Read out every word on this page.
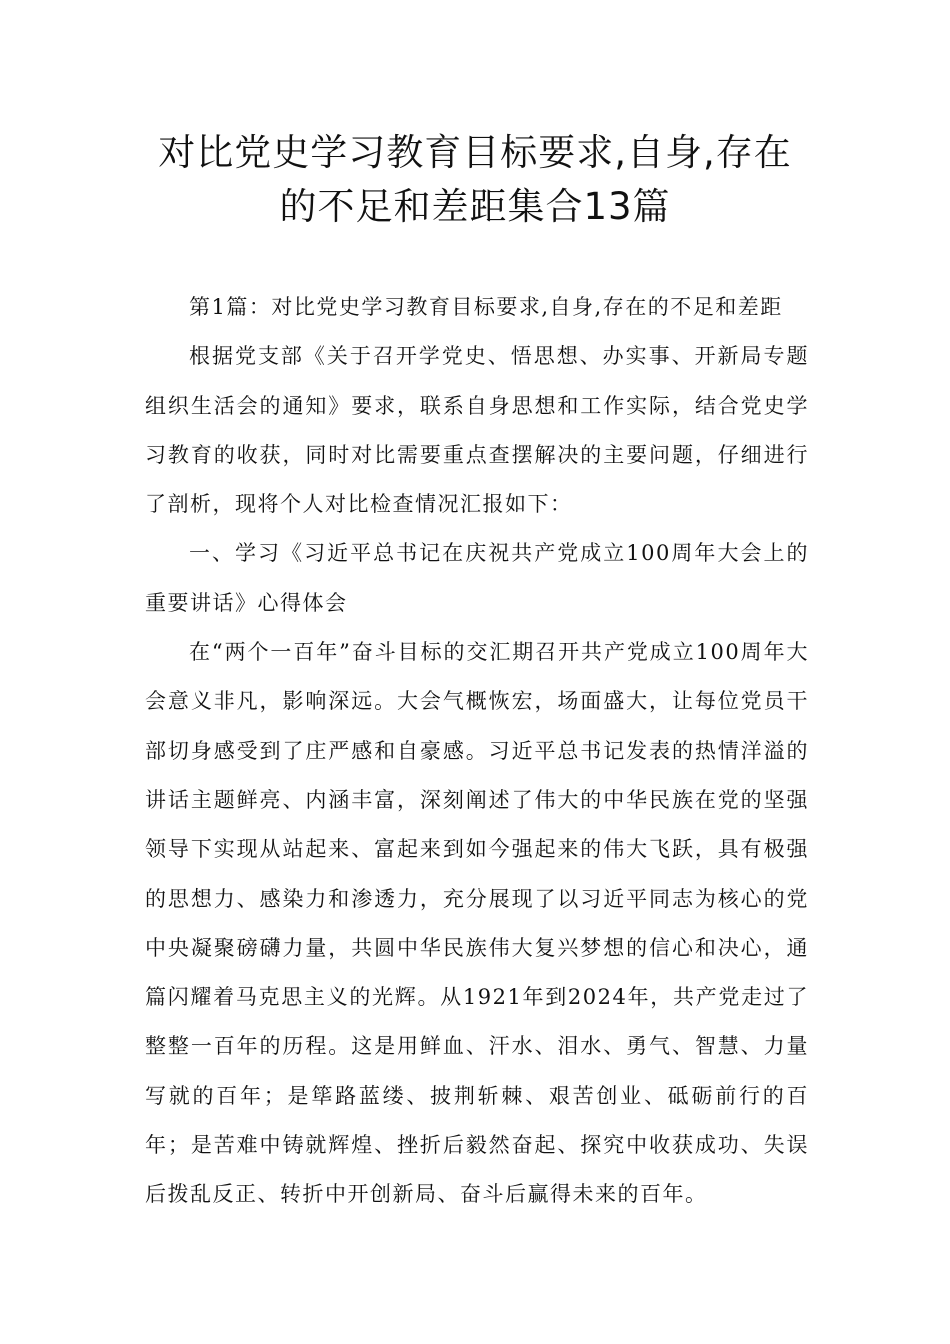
对比党史学习教育目标要求,自身,存在
的不足和差距集合13篇

第1篇：对比党史学习教育目标要求,自身,存在的不足和差距

根据党支部《关于召开学党史、悟思想、办实事、开新局专题组织生活会的通知》要求，联系自身思想和工作实际，结合党史学习教育的收获，同时对比需要重点查摆解决的主要问题，仔细进行了剖析，现将个人对比检查情况汇报如下：

一、学习《习近平总书记在庆祝共产党成立100周年大会上的重要讲话》心得体会

在“两个一百年”奋斗目标的交汇期召开共产党成立100周年大会意义非凡，影响深远。大会气概恢宏，场面盛大，让每位党员干部切身感受到了庄严感和自豪感。习近平总书记发表的热情洋溢的讲话主题鲜亮、内涵丰富，深刻阐述了伟大的中华民族在党的坚强领导下实现从站起来、富起来到如今强起来的伟大飞跃，具有极强的思想力、感染力和渗透力，充分展现了以习近平同志为核心的党中央凝聚磅礴力量，共圆中华民族伟大复兴梦想的信心和决心，通篇闪耀着马克思主义的光辉。从1921年到2024年，共产党走过了整整一百年的历程。这是用鲜血、汗水、泪水、勇气、智慧、力量写就的百年；是筚路蓝缕、披荆斩棘、艰苦创业、砥砺前行的百年；是苦难中铸就辉煌、挫折后毅然奋起、探究中收获成功、失误后拨乱反正、转折中开创新局、奋斗后赢得未来的百年。
